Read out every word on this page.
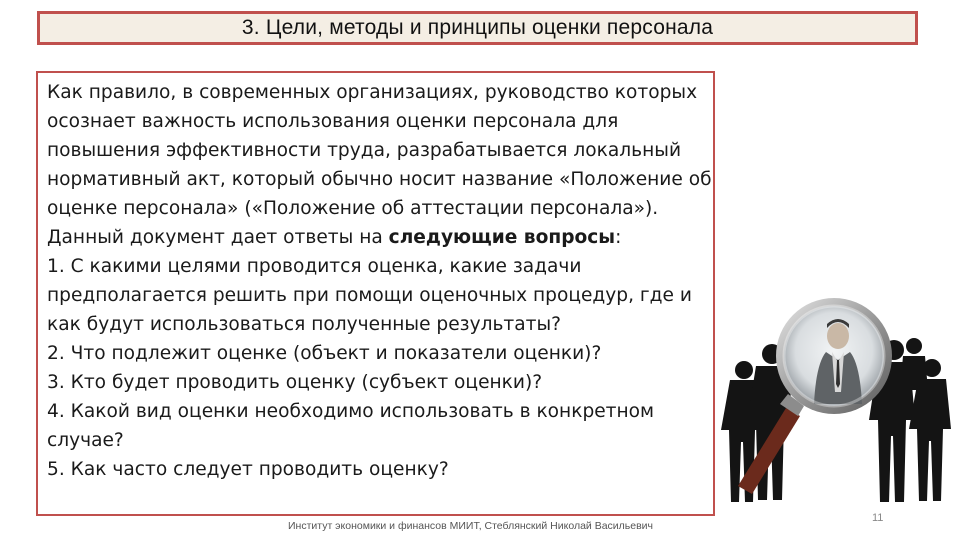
3. Цели, методы и принципы оценки персонала

Как правило, в современных организациях, руководство которых осознает важность использования оценки персонала для повышения эффективности труда, разрабатывается локальный нормативный акт, который обычно носит название «Положение об оценке персонала» («Положение об аттестации персонала»). Данный документ дает ответы на следующие вопросы:

1. С какими целями проводится оценка, какие задачи предполагается решить при помощи оценочных процедур, где и как будут использоваться полученные результаты?

2. Что подлежит оценке (объект и показатели оценки)?

3. Кто будет проводить оценку (субъект оценки)?

4. Какой вид оценки необходимо использовать в конкретном случае?

5. Как часто следует проводить оценку?

Институт экономики и финансов МИИТ, Стеблянский Николай Васильевич
11
